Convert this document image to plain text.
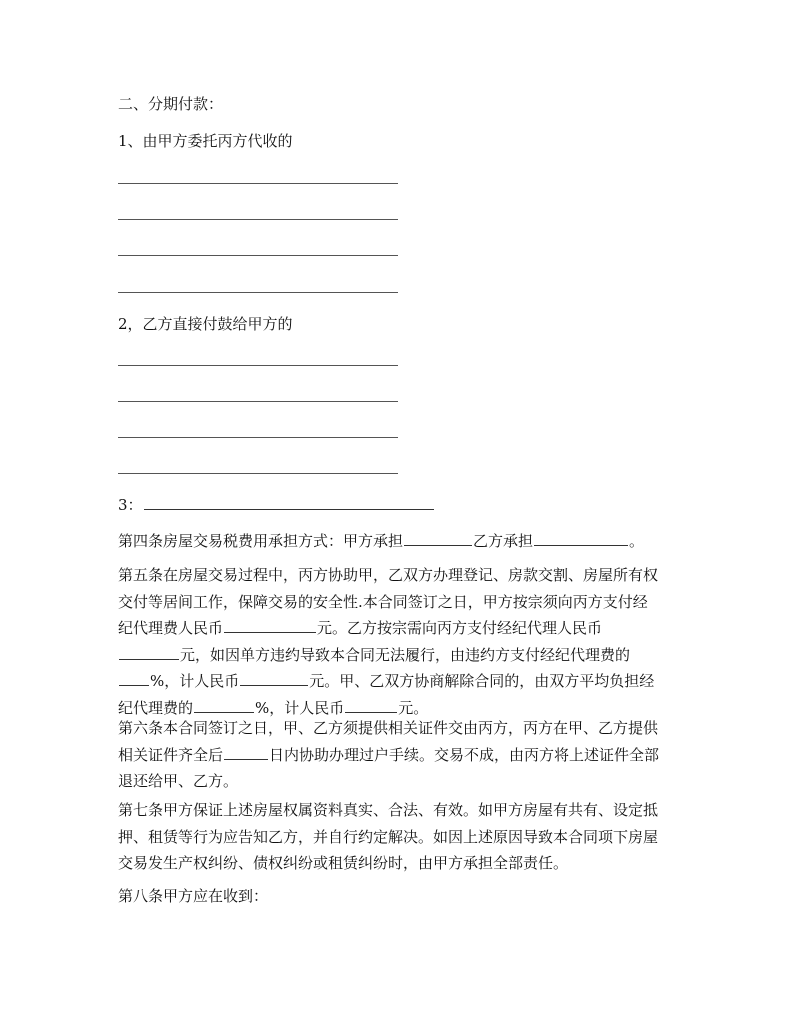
二、分期付款：
1、由甲方委托丙方代收的
2，乙方直接付鼓给甲方的
3：
第四条房屋交易税费用承担方式：甲方承担	乙方承担	。
第五条在房屋交易过程中，丙方协助甲，乙双方办理登记、房款交割、房屋所有权
交付等居间工作，保障交易的安全性.本合同签订之日，甲方按宗须向丙方支付经
纪代理费人民币	元。乙方按宗需向丙方支付经纪代理人民币
元，如因单方违约导致本合同无法履行，由违约方支付经纪代理费的
%，计人民币	元。甲、乙双方协商解除合同的，由双方平均负担经
纪代理费的	%，计人民币	元。
第六条本合同签订之日，甲、乙方须提供相关证件交由丙方，丙方在甲、乙方提供
相关证件齐全后	日内协助办理过户手续。交易不成，由丙方将上述证件全部
退还给甲、乙方。
第七条甲方保证上述房屋权属资料真实、合法、有效。如甲方房屋有共有、设定抵
押、租赁等行为应告知乙方，并自行约定解决。如因上述原因导致本合同项下房屋
交易发生产权纠纷、债权纠纷或租赁纠纷时，由甲方承担全部责任。
第八条甲方应在收到：
